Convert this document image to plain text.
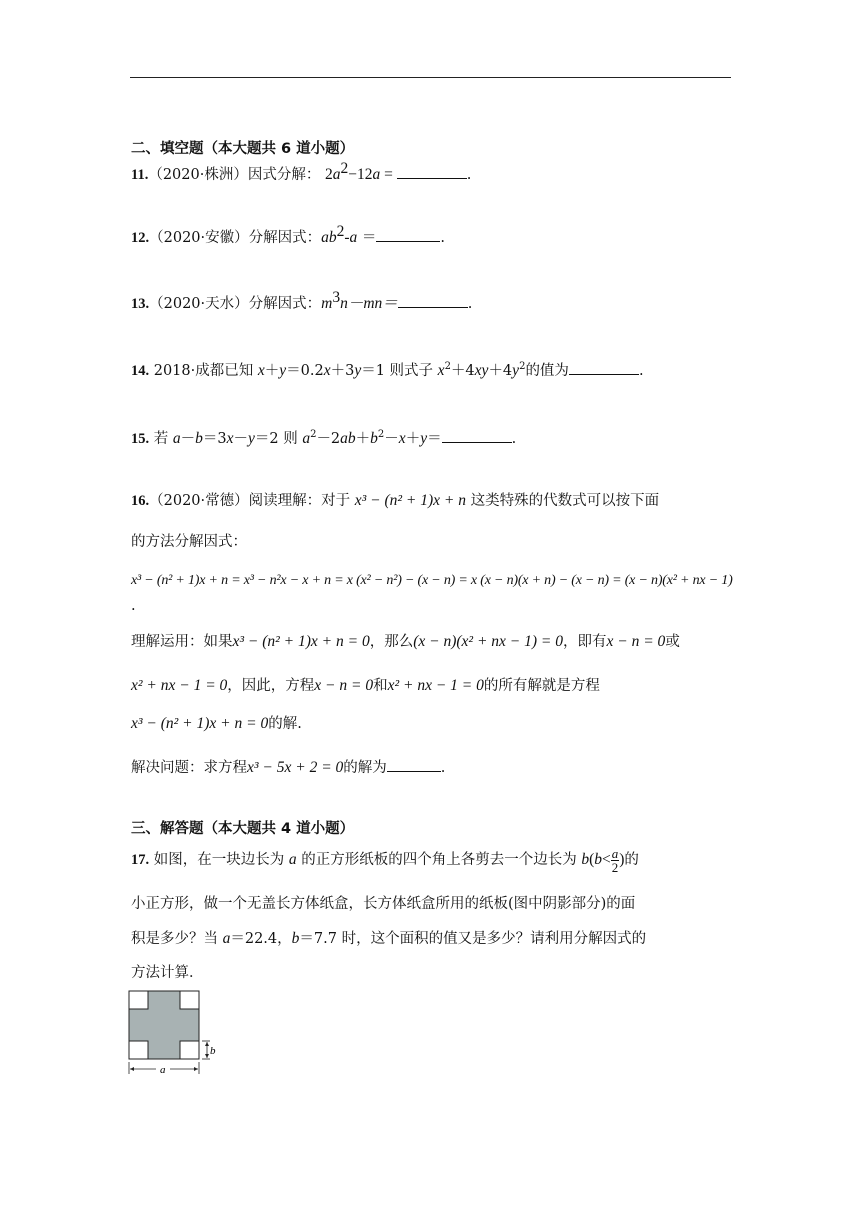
二、填空题（本大题共 6 道小题）
11.（2020·株洲）因式分解： $2a^2-12a$ =	.
12.（2020·安徽）分解因式：$ab^2-a$ ＝	.
13.（2020·天水）分解因式：$m^3n-mn=$	.
14. 2018·成都已知 x＋y＝0.2x＋3y＝1 则式子 $x^2+4xy+4y^2$的值为	.
15. 若 a－b＝3x－y＝2 则 $a^2-2ab+b^2-x+y=$	.
16.（2020·常德）阅读理解：对于 x³ − (n² + 1)x + n 这类特殊的代数式可以按下面
的方法分解因式：
x³ − (n² + 1)x + n = x³ − n²x − x + n = x (x² − n²) − (x − n) = x (x − n)(x + n) − (x − n) = (x − n)(x² + nx − 1)
.
理解运用：如果x³ − (n² + 1)x + n = 0，那么(x − n)(x² + nx − 1) = 0，即有x − n = 0或
x² + nx − 1 = 0，因此，方程x − n = 0和x² + nx − 1 = 0的所有解就是方程
x³ − (n² + 1)x + n = 0的解.
解决问题：求方程x³ − 5x + 2 = 0的解为	.
三、解答题（本大题共 4 道小题）
17. 如图，在一块边长为 a 的正方形纸板的四个角上各剪去一个边长为 $b(b< \frac{a}{2}$ )的
小正方形，做一个无盖长方体纸盒，长方体纸盒所用的纸板(图中阴影部分)的面
积是多少？当 a＝22.4，b＝7.7 时，这个面积的值又是多少？请利用分解因式的
方法计算．
b
a
